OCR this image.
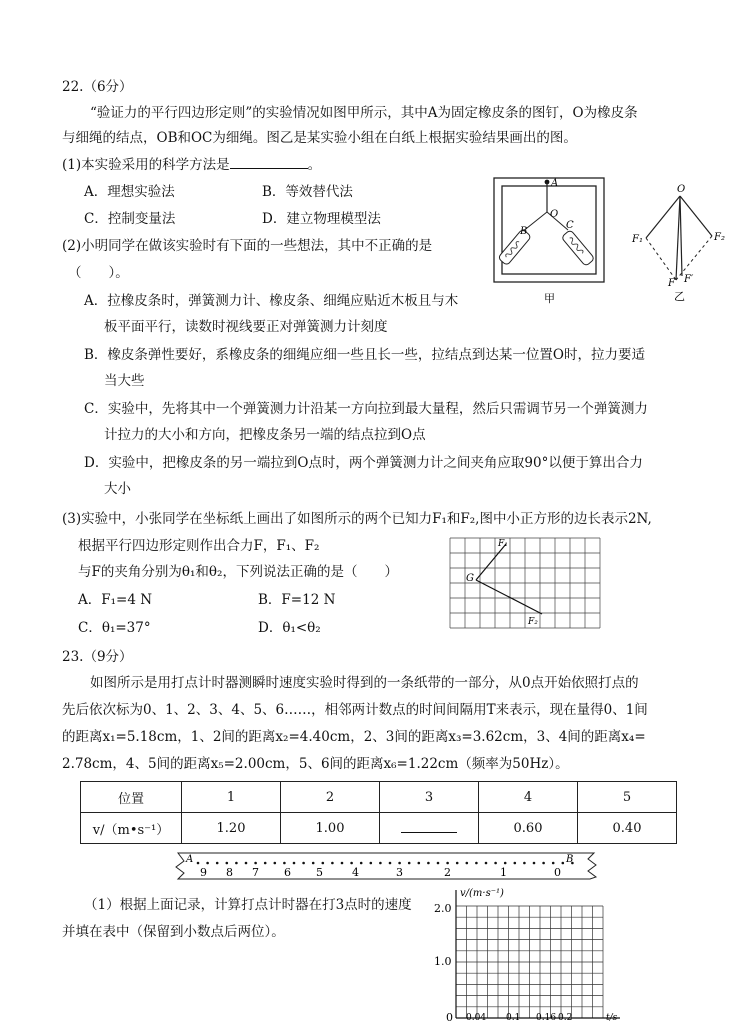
22.（6分）
“验证力的平行四边形定则”的实验情况如图甲所示，其中A为固定橡皮条的图钉，O为橡皮条
与细绳的结点，OB和OC为细绳。图乙是某实验小组在白纸上根据实验结果画出的图。
(1)本实验采用的科学方法是	。
A．理想实验法	B．等效替代法
C．控制变量法	D．建立物理模型法
(2)小明同学在做该实验时有下面的一些想法，其中不正确的是
（　　）。
A．拉橡皮条时，弹簧测力计、橡皮条、细绳应贴近木板且与木
板平面平行，读数时视线要正对弹簧测力计刻度
B．橡皮条弹性要好，系橡皮条的细绳应细一些且长一些，拉结点到达某一位置O时，拉力要适
当大些
C．实验中，先将其中一个弹簧测力计沿某一方向拉到最大量程，然后只需调节另一个弹簧测力
计拉力的大小和方向，把橡皮条另一端的结点拉到O点
D．实验中，把橡皮条的另一端拉到O点时，两个弹簧测力计之间夹角应取90°以便于算出合力
大小
(3)实验中，小张同学在坐标纸上画出了如图所示的两个已知力F₁和F₂,图中小正方形的边长表示2N,
根据平行四边形定则作出合力F，F₁、F₂
与F的夹角分别为θ₁和θ₂，下列说法正确的是（　　）
A．F₁=4 N	B．F=12 N
C．θ₁=37°	D．θ₁<θ₂
A
O
B
C
甲
O
F₁	F₂
F F′
乙
G
F₁
F₂
23.（9分）
如图所示是用打点计时器测瞬时速度实验时得到的一条纸带的一部分，从0点开始依照打点的
先后依次标为0、1、2、3、4、5、6……，相邻两计数点的时间间隔用T来表示，现在量得0、1间
的距离x₁=5.18cm，1、2间的距离x₂=4.40cm，2、3间的距离x₃=3.62cm，3、4间的距离x₄=
2.78cm，4、5间的距离x₅=2.00cm，5、6间的距离x₆=1.22cm（频率为50Hz）。
位置	1	2	3	4	5
v/（m•s⁻¹）	1.20	1.00		0.60	0.40
A	B
9 8 7 6 5	4	3	2	1	0
（1）根据上面记录，计算打点计时器在打3点时的速度
并填在表中（保留到小数点后两位）。
v/(m·s⁻¹)
2.0
1.0
0 0.04 0.1 0.16 0.2	t/s
